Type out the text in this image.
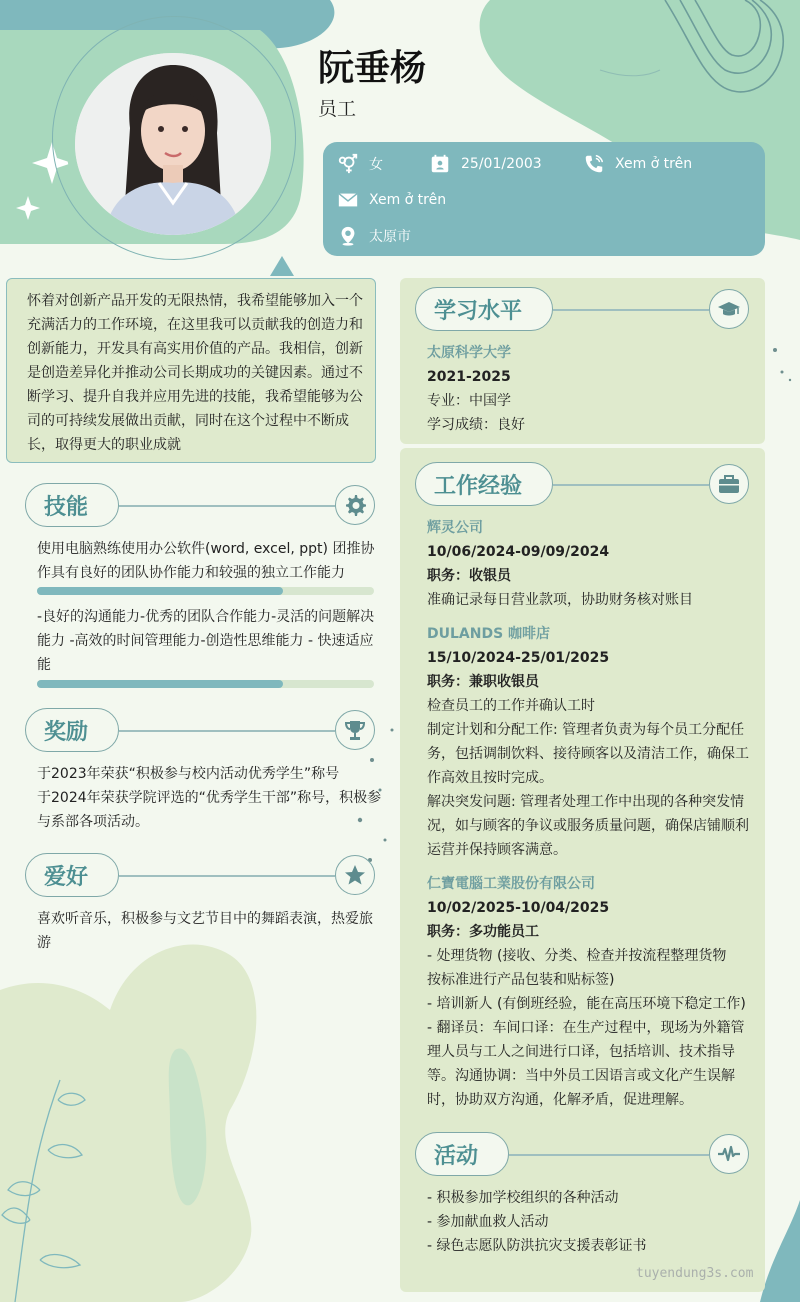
阮垂杨
员工
女	25/01/2003	Xem ở trên
Xem ở trên
太原市
怀着对创新产品开发的无限热情，我希望能够加入一个充满活力的工作环境，在这里我可以贡献我的创造力和创新能力，开发具有高实用价值的产品。我相信，创新是创造差异化并推动公司长期成功的关键因素。通过不断学习、提升自我并应用先进的技能，我希望能够为公司的可持续发展做出贡献，同时在这个过程中不断成长，取得更大的职业成就
技能
使用电脑熟练使用办公软件(word, excel, ppt) 团推协作具有良好的团队协作能力和较强的独立工作能力
-良好的沟通能力-优秀的团队合作能力-灵活的问题解决能力 -高效的时间管理能力-创造性思维能力 - 快速适应能
奖励
于2023年荣获“积极参与校内活动优秀学生”称号
于2024年荣获学院评选的“优秀学生干部”称号，积极参
与系部各项活动。
爱好
喜欢听音乐，积极参与文艺节目中的舞蹈表演，热爱旅
游
学习水平
太原科学大学
2021-2025
专业：中国学
学习成绩：良好
工作经验
辉灵公司
10/06/2024-09/09/2024
职务：收银员
准确记录每日营业款项，协助财务核对账目
DULANDS 咖啡店
15/10/2024-25/01/2025
职务：兼职收银员
检查员工的工作并确认工时
制定计划和分配工作: 管理者负责为每个员工分配任
务，包括调制饮料、接待顾客以及清洁工作，确保工
作高效且按时完成。
解决突发问题: 管理者处理工作中出现的各种突发情
况，如与顾客的争议或服务质量问题，确保店铺顺利
运营并保持顾客满意。
仁寶電腦工業股份有限公司
10/02/2025-10/04/2025
职务：多功能员工
- 处理货物 (接收、分类、检查并按流程整理货物
按标准进行产品包装和贴标签)
- 培训新人 (有倒班经验，能在高压环境下稳定工作)
- 翻译员：车间口译：在生产过程中，现场为外籍管
理人员与工人之间进行口译，包括培训、技术指导
等。沟通协调：当中外员工因语言或文化产生误解
时，协助双方沟通，化解矛盾，促进理解。
活动
- 积极参加学校组织的各种活动
- 参加献血救人活动
- 绿色志愿队防洪抗灾支援表彰证书
tuyendung3s.com
